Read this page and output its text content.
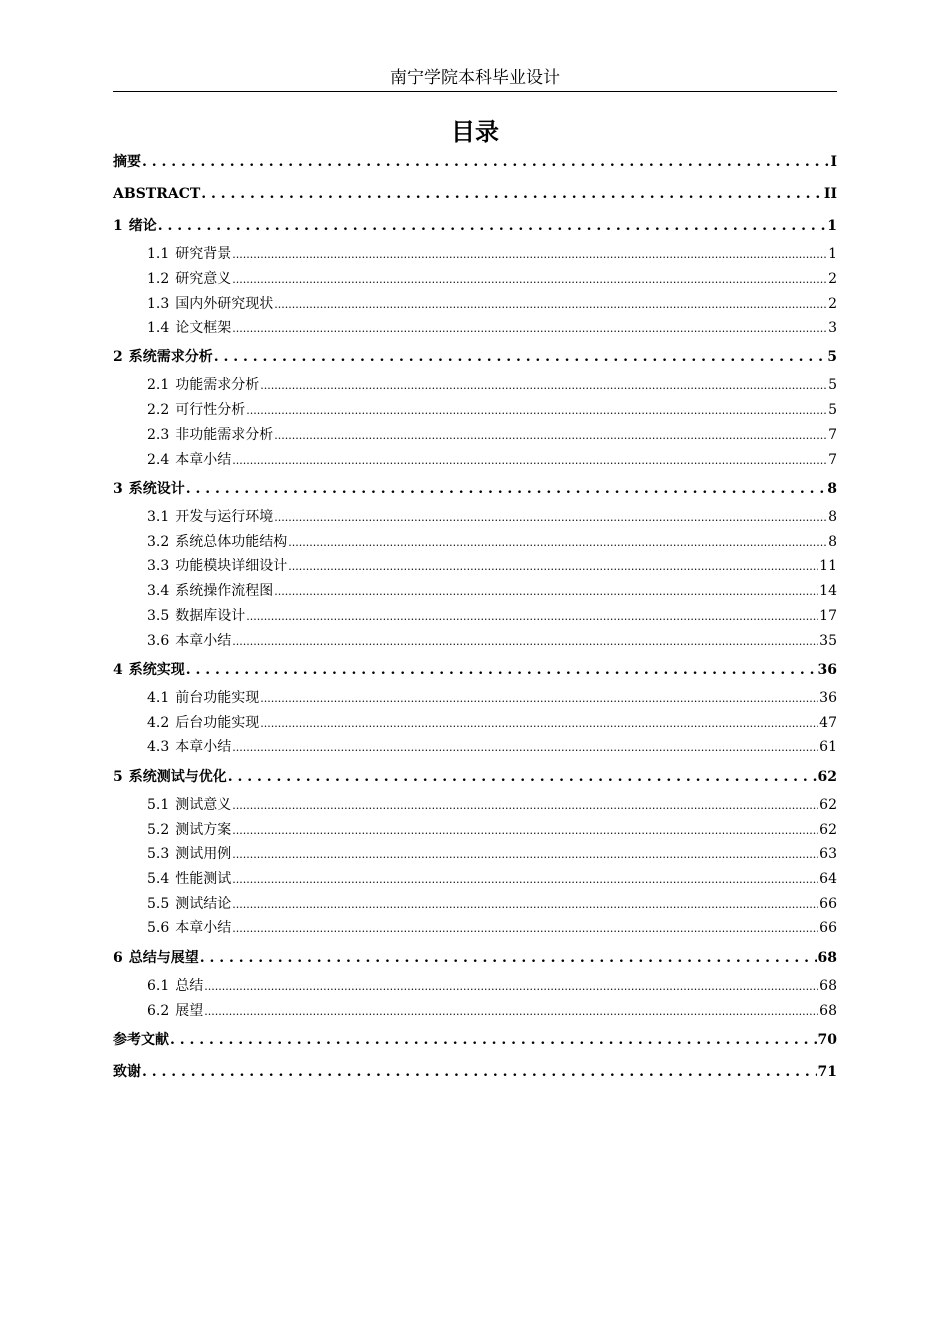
南宁学院本科毕业设计
目录
摘要 . . .	I
ABSTRACT . . .	II
1 绪论 . . .	1
1.1 研究背景 .....	1
1.2 研究意义 .....	2
1.3 国内外研究现状 .....	2
1.4 论文框架 .....	3
2 系统需求分析 . . .	5
2.1 功能需求分析 .....	5
2.2 可行性分析 .....	5
2.3 非功能需求分析 .....	7
2.4 本章小结 .....	7
3 系统设计 . . .	8
3.1 开发与运行环境 .....	8
3.2 系统总体功能结构 .....	8
3.3 功能模块详细设计 .....	11
3.4 系统操作流程图 .....	14
3.5 数据库设计 .....	17
3.6 本章小结 .....	35
4 系统实现 . . .	36
4.1 前台功能实现 .....	36
4.2 后台功能实现 .....	47
4.3 本章小结 .....	61
5 系统测试与优化 . . .	62
5.1 测试意义 .....	62
5.2 测试方案 .....	62
5.3 测试用例 .....	63
5.4 性能测试 .....	64
5.5 测试结论 .....	66
5.6 本章小结 .....	66
6 总结与展望 . . .	68
6.1 总结 .....	68
6.2 展望 .....	68
参考文献 . . .	70
致谢 . . .	71
